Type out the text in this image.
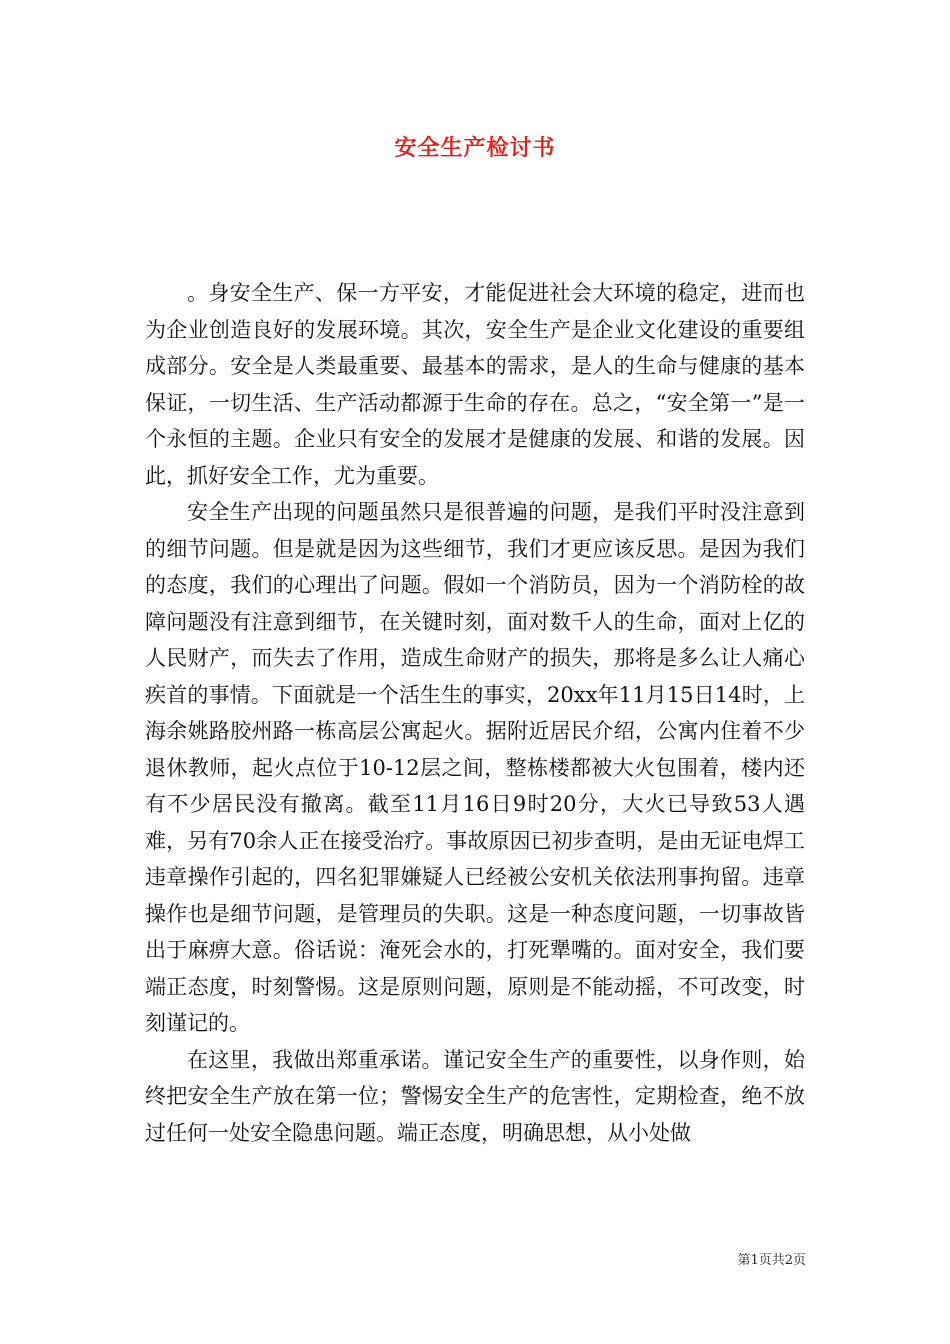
安全生产检讨书

。身安全生产、保一方平安，才能促进社会大环境的稳定，进而也为企业创造良好的发展环境。其次，安全生产是企业文化建设的重要组成部分。安全是人类最重要、最基本的需求，是人的生命与健康的基本保证，一切生活、生产活动都源于生命的存在。总之，“安全第一”是一个永恒的主题。企业只有安全的发展才是健康的发展、和谐的发展。因此，抓好安全工作，尤为重要。

安全生产出现的问题虽然只是很普遍的问题，是我们平时没注意到的细节问题。但是就是因为这些细节，我们才更应该反思。是因为我们的态度，我们的心理出了问题。假如一个消防员，因为一个消防栓的故障问题没有注意到细节，在关键时刻，面对数千人的生命，面对上亿的人民财产，而失去了作用，造成生命财产的损失，那将是多么让人痛心疾首的事情。下面就是一个活生生的事实，20xx年11月15日14时，上海余姚路胶州路一栋高层公寓起火。据附近居民介绍，公寓内住着不少退休教师，起火点位于10-12层之间，整栋楼都被大火包围着，楼内还有不少居民没有撤离。截至11月16日9时20分，大火已导致53人遇难，另有70余人正在接受治疗。事故原因已初步查明，是由无证电焊工违章操作引起的，四名犯罪嫌疑人已经被公安机关依法刑事拘留。违章操作也是细节问题，是管理员的失职。这是一种态度问题，一切事故皆出于麻痹大意。俗话说：淹死会水的，打死犟嘴的。面对安全，我们要端正态度，时刻警惕。这是原则问题，原则是不能动摇，不可改变，时刻谨记的。

在这里，我做出郑重承诺。谨记安全生产的重要性，以身作则，始终把安全生产放在第一位；警惕安全生产的危害性，定期检查，绝不放过任何一处安全隐患问题。端正态度，明确思想，从小处做

第1页共2页
